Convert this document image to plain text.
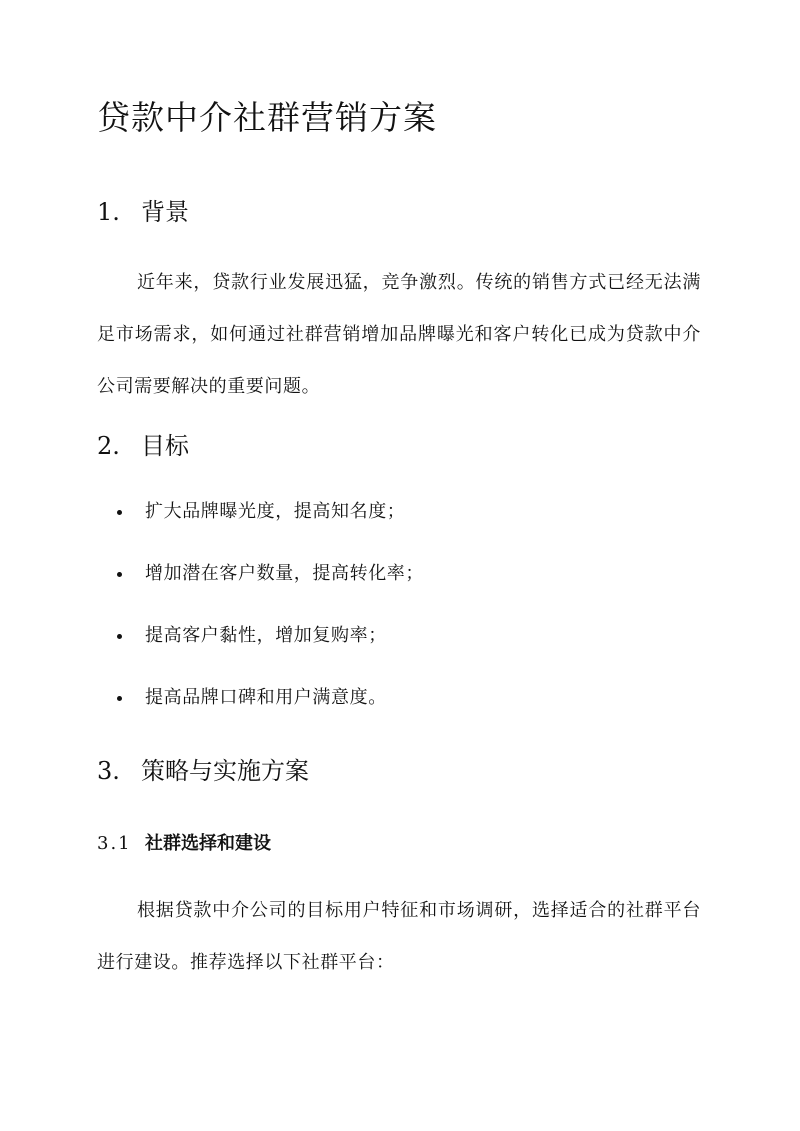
贷款中介社群营销方案
1. 背景

近年来，贷款行业发展迅猛，竞争激烈。传统的销售方式已经无法满足市场需求，如何通过社群营销增加品牌曝光和客户转化已成为贷款中介公司需要解决的重要问题。

2. 目标
扩大品牌曝光度，提高知名度；
增加潜在客户数量，提高转化率；
提高客户黏性，增加复购率；
提高品牌口碑和用户满意度。
3. 策略与实施方案
3.1 社群选择和建设

根据贷款中介公司的目标用户特征和市场调研，选择适合的社群平台进行建设。推荐选择以下社群平台：
